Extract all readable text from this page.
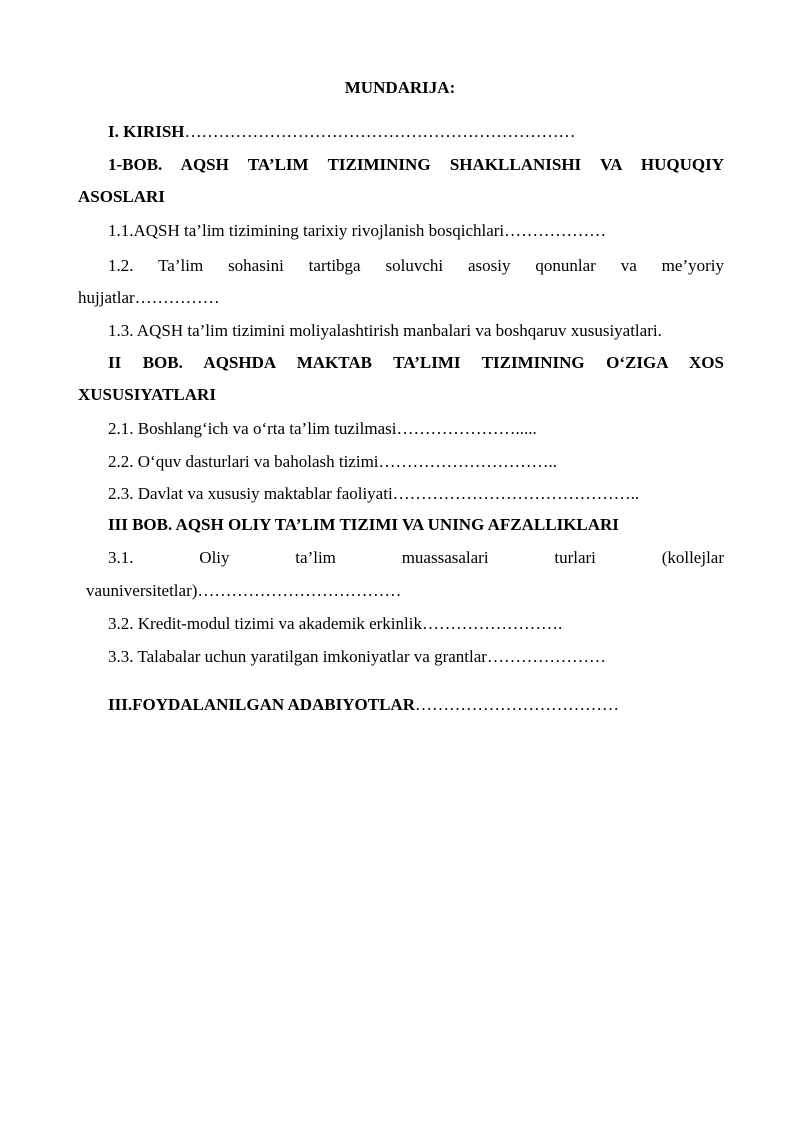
MUNDARIJA:
I. KIRISH……………………………………………………………
1-BOB. AQSH TA’LIM TIZIMINING SHAKLLANISHI VA HUQUQIY
ASOSLARI
1.1.AQSH ta’lim tizimining tarixiy rivojlanish bosqichlari………………
1.2. Ta’lim sohasini tartibga soluvchi asosiy qonunlar va me’yoriy
hujjatlar……………
1.3. AQSH ta’lim tizimini moliyalashtirish manbalari va boshqaruv xususiyatlari.
II BOB. AQSHDA MAKTAB TA’LIMI TIZIMINING O‘ZIGA XOS
XUSUSIYATLARI
2.1. Boshlang‘ich va o‘rta ta’lim tuzilmasi………………….....
2.2. O‘quv dasturlari va baholash tizimi…………………………..
2.3. Davlat va xususiy maktablar faoliyati……………………………………..
III BOB. AQSH OLIY TA’LIM TIZIMI VA UNING AFZALLIKLARI
3.1. Oliy ta’lim muassasalari turlari (kollejlar
vauniversitetlar)………………………………
3.2. Kredit-modul tizimi va akademik erkinlik…………………….
3.3. Talabalar uchun yaratilgan imkoniyatlar va grantlar…………………
III.FOYDALANILGAN ADABIYOTLAR………………………………
